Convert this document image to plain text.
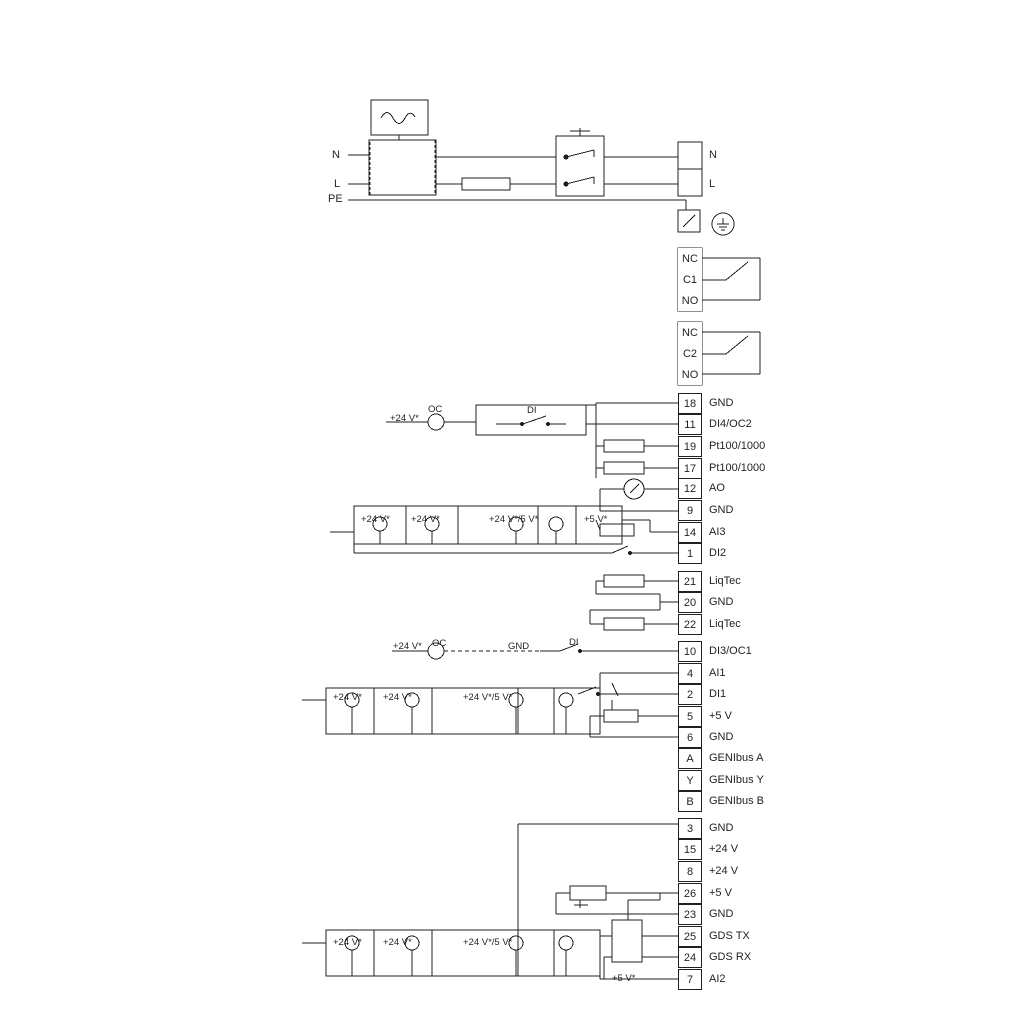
N
L
PE
N
L
NC
C1
NO
NC
C2
NO
18	GND
11	DI4/OC2
19	Pt100/1000
17	Pt100/1000
12	AO
9	GND
14	AI3
1	DI2
21	LiqTec
20	GND
22	LiqTec
10	DI3/OC1
4	AI1
2	DI1
5	+5 V
6	GND
A	GENIbus A
Y	GENIbus Y
B	GENIbus B
3	GND
15	+24 V
8	+24 V
26	+5 V
23	GND
25	GDS TX
24	GDS RX
7	AI2
+24 V*
OC	DI
+24 V* +24 V*	+24 V*/5 V*	+5 V*
+24 V* OC	GND	DI
+24 V* +24 V*	+24 V*/5 V*
+24 V* +24 V*	+24 V*/5 V*
+5 V*
